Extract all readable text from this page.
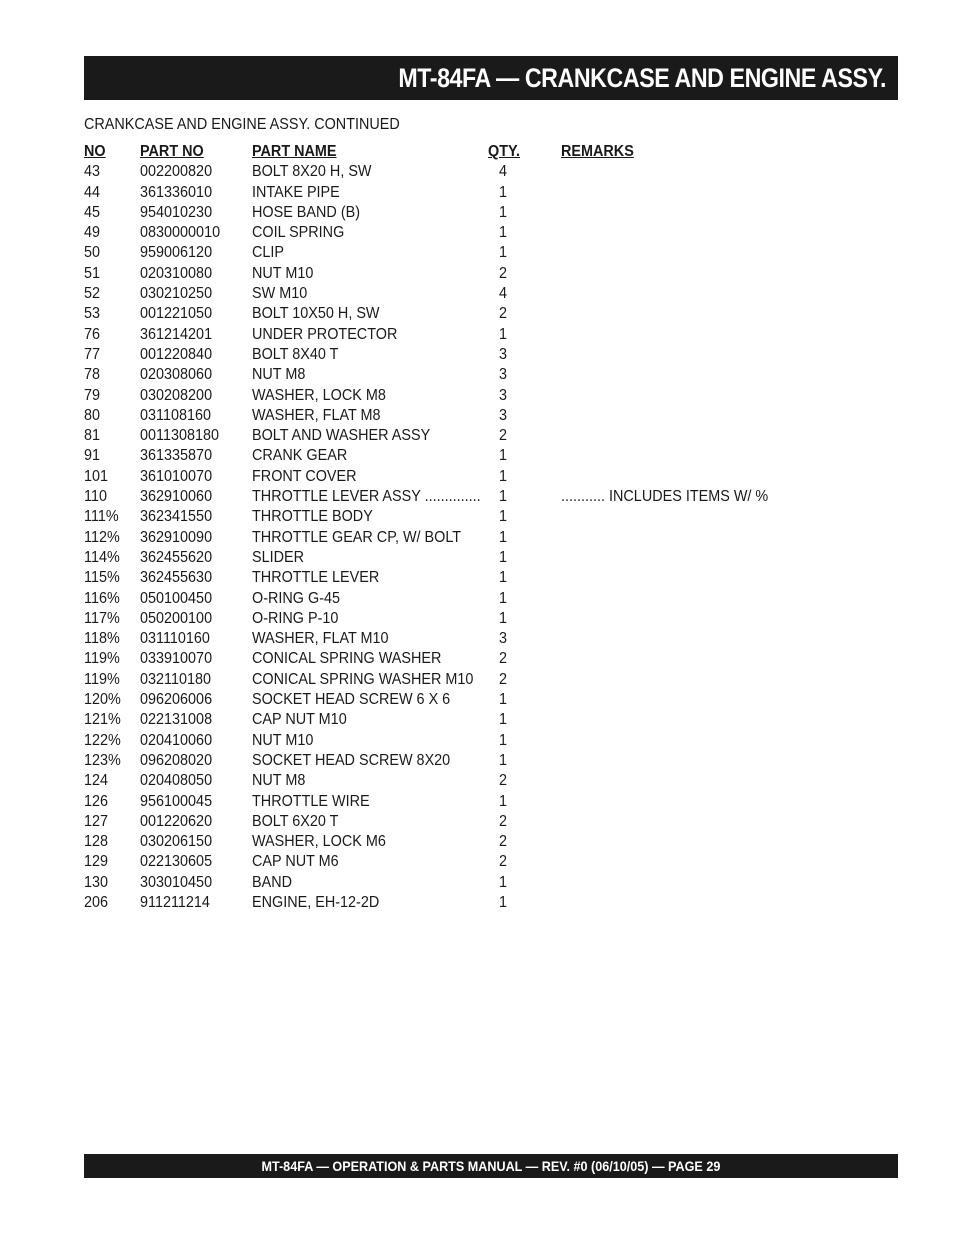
MT-84FA — CRANKCASE AND ENGINE ASSY.
CRANKCASE AND ENGINE ASSY. CONTINUED
NO PART NO	PART NAME	QTY.	REMARKS
43 002200820 BOLT 8X20 H, SW	4
44 361336010 INTAKE PIPE	1
45 954010230 HOSE BAND (B)	1
49 0830000010 COIL SPRING	1
50 959006120 CLIP	1
51 020310080 NUT M10	2
52 030210250 SW M10	4
53 001221050 BOLT 10X50 H, SW	2
76 361214201 UNDER PROTECTOR	1
77 001220840 BOLT 8X40 T	3
78 020308060 NUT M8	3
79 030208200 WASHER, LOCK M8	3
80 031108160	WASHER, FLAT M8	3
81 0011308180 BOLT AND WASHER ASSY	2
91 361335870 CRANK GEAR	1
101 361010070 FRONT COVER	1
110 362910060 THROTTLE LEVER ASSY .............. 1	........... INCLUDES ITEMS W/ %
111% 362341550 THROTTLE BODY	1
112% 362910090 THROTTLE GEAR CP, W/ BOLT 1
114% 362455620 SLIDER	1
115% 362455630 THROTTLE LEVER	1
116% 050100450 O-RING G-45	1
117% 050200100 O-RING P-10	1
118% 031110160	WASHER, FLAT M10	3
119% 033910070 CONICAL SPRING WASHER	2
119% 032110180	CONICAL SPRING WASHER M10 2
120% 096206006 SOCKET HEAD SCREW 6 X 6	1
121% 022131008 CAP NUT M10	1
122% 020410060 NUT M10	1
123% 096208020 SOCKET HEAD SCREW 8X20	1
124 020408050 NUT M8	2
126 956100045 THROTTLE WIRE	1
127 001220620 BOLT 6X20 T	2
128 030206150 WASHER, LOCK M6	2
129 022130605 CAP NUT M6	2
130 303010450 BAND	1
206 911211214	ENGINE, EH-12-2D	1
MT-84FA — OPERATION & PARTS MANUAL — REV. #0 (06/10/05) — PAGE 29
